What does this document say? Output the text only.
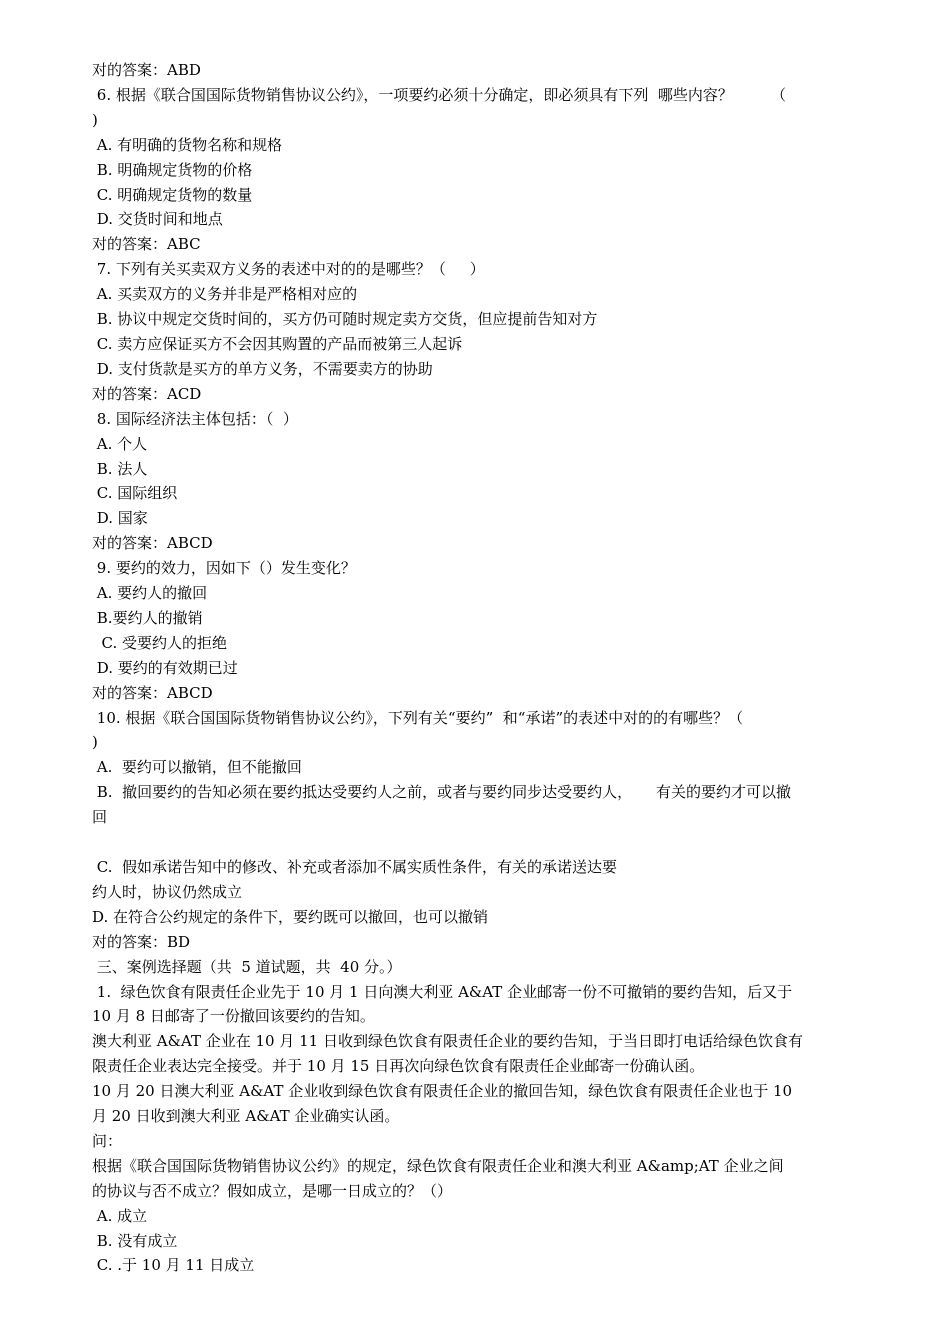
对的答案：ABD

6. 根据《联合国国际货物销售协议公约》，一项要约必须十分确定，即必须具有下列  哪些内容？        （

)

A. 有明确的货物名称和规格

B. 明确规定货物的价格

C. 明确规定货物的数量

D. 交货时间和地点

对的答案：ABC

7. 下列有关买卖双方义务的表述中对的的是哪些？（     ）

A. 买卖双方的义务并非是严格相对应的

B. 协议中规定交货时间的，买方仍可随时规定卖方交货，但应提前告知对方

C. 卖方应保证买方不会因其购置的产品而被第三人起诉

D. 支付货款是买方的单方义务，不需要卖方的协助

对的答案：ACD

8. 国际经济法主体包括：（  ）

A. 个人

B. 法人

C. 国际组织

D. 国家

对的答案：ABCD

9. 要约的效力，因如下（）发生变化？

A. 要约人的撤回

B.要约人的撤销

C. 受要约人的拒绝

D. 要约的有效期已过

对的答案：ABCD

10. 根据《联合国国际货物销售协议公约》，下列有关“要约”  和“承诺”的表述中对的的有哪些？（

)

A.  要约可以撤销，但不能撤回

B.  撤回要约的告知必须在要约抵达受要约人之前，或者与要约同步达受要约人，     有关的要约才可以撤

回

C.  假如承诺告知中的修改、补充或者添加不属实质性条件，有关的承诺送达要

约人时，协议仍然成立

D. 在符合公约规定的条件下，要约既可以撤回，也可以撤销

对的答案：BD

三、案例选择题（共  5 道试题，共  40 分。）

1.  绿色饮食有限责任企业先于 10 月 1 日向澳大利亚 A&AT 企业邮寄一份不可撤销的要约告知，后又于

10 月 8 日邮寄了一份撤回该要约的告知。

澳大利亚 A&AT 企业在 10 月 11 日收到绿色饮食有限责任企业的要约告知，于当日即打电话给绿色饮食有

限责任企业表达完全接受。并于 10 月 15 日再次向绿色饮食有限责任企业邮寄一份确认函。

10 月 20 日澳大利亚 A&AT 企业收到绿色饮食有限责任企业的撤回告知，绿色饮食有限责任企业也于 10

月 20 日收到澳大利亚 A&AT 企业确实认函。

问：

根据《联合国国际货物销售协议公约》的规定，绿色饮食有限责任企业和澳大利亚 A&amp;AT 企业之间

的协议与否不成立？假如成立，是哪一日成立的？（）

A. 成立

B. 没有成立

C. .于 10 月 11 日成立
